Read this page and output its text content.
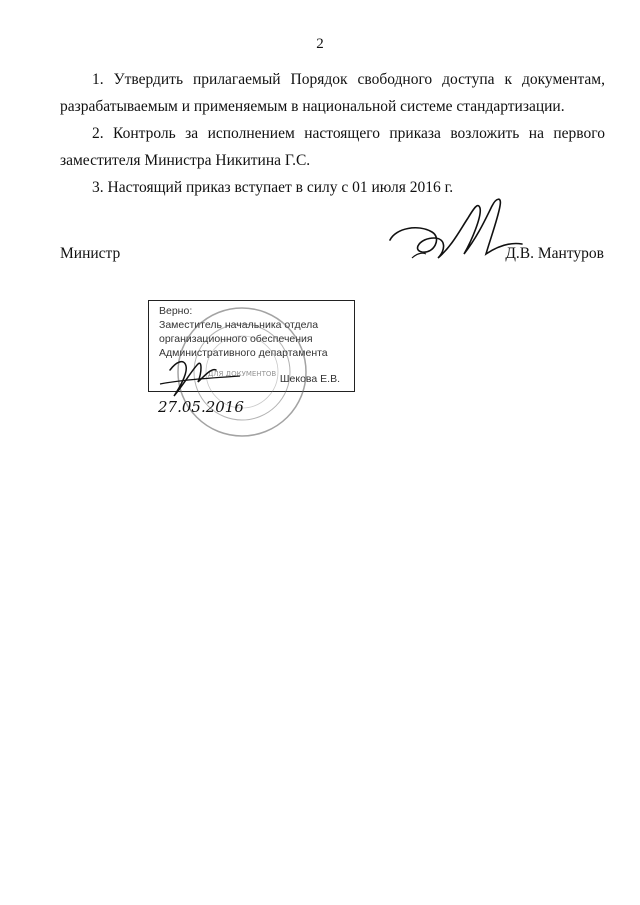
2
1. Утвердить прилагаемый Порядок свободного доступа к документам, разрабатываемым и применяемым в национальной системе стандартизации.
2. Контроль за исполнением настоящего приказа возложить на первого заместителя Министра Никитина Г.С.
3. Настоящий приказ вступает в силу с 01 июля 2016 г.
Министр	Д.В. Мантуров
Верно:
Заместитель начальника отдела
организационного обеспечения
Административного департамента
Шекова Е.В.
ДЛЯ ДОКУМЕНТОВ
27.05.2016
